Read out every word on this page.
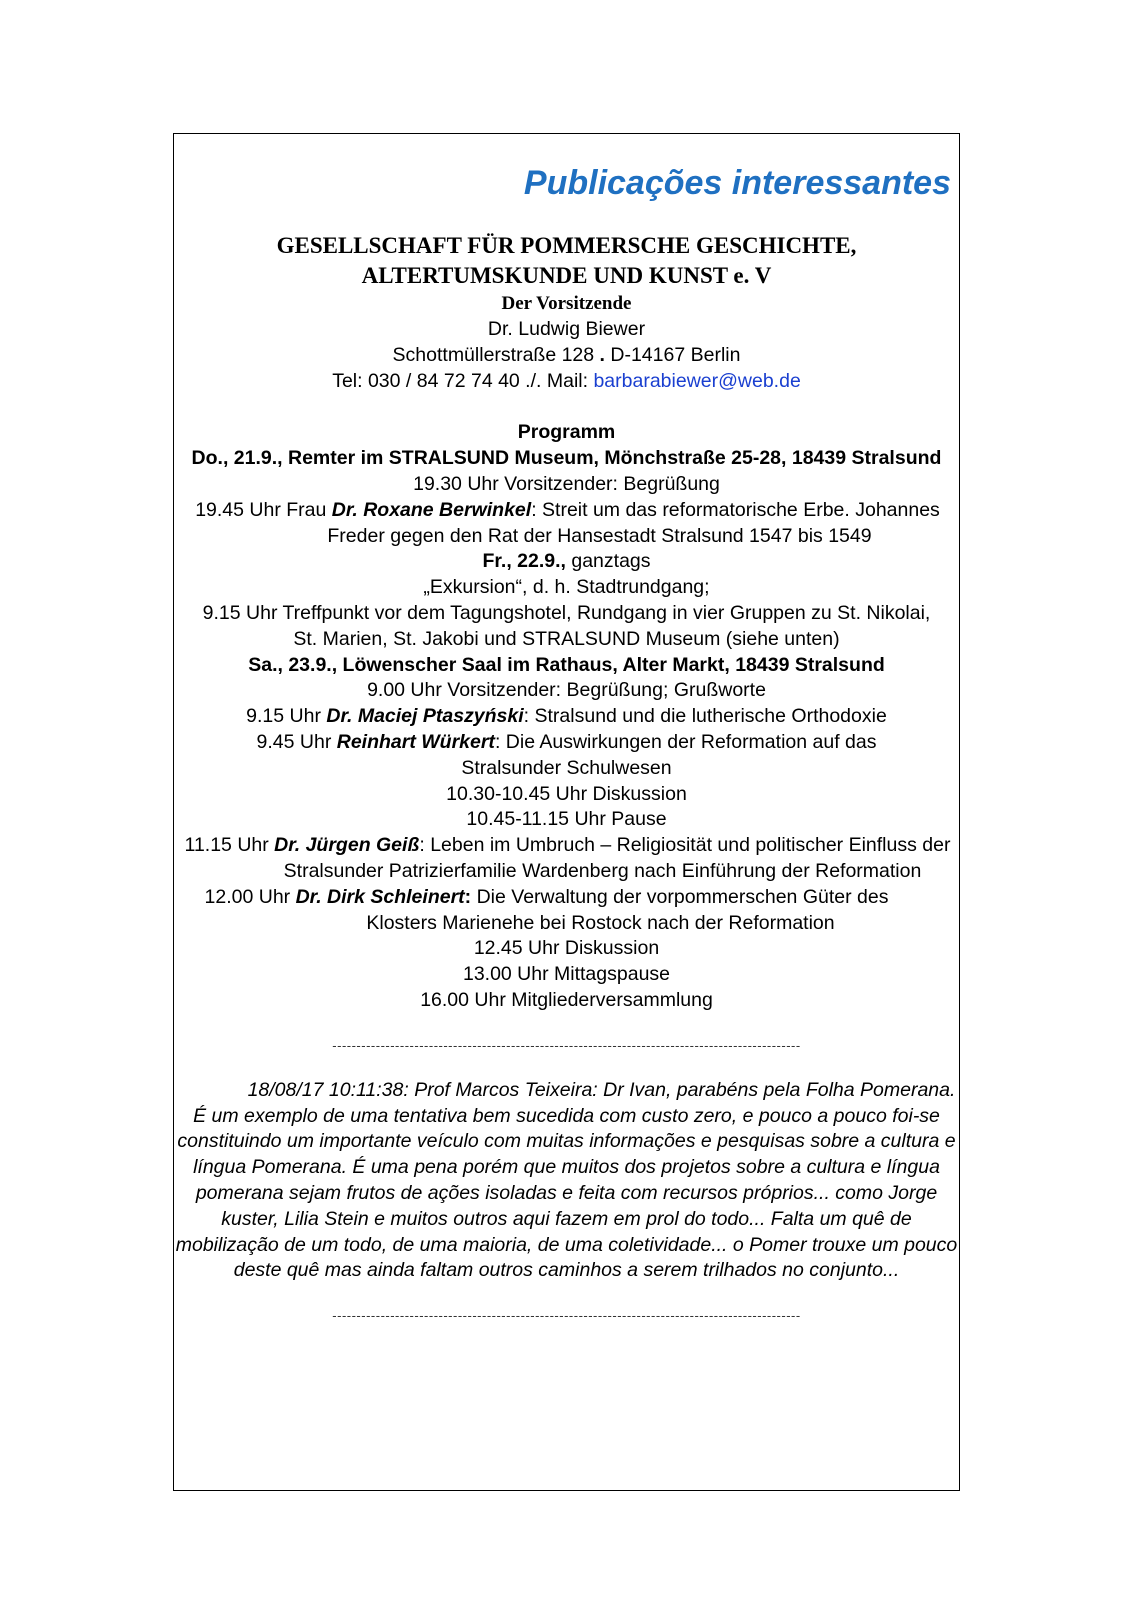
Publicações interessantes
GESELLSCHAFT FÜR POMMERSCHE GESCHICHTE,
ALTERTUMSKUNDE UND KUNST e. V
Der Vorsitzende
Dr. Ludwig Biewer
Schottmüllerstraße 128 . D-14167 Berlin
Tel: 030 / 84 72 74 40 ./. Mail: barbarabiewer@web.de
Programm
Do., 21.9., Remter im STRALSUND Museum, Mönchstraße 25-28, 18439 Stralsund
19.30 Uhr Vorsitzender: Begrüßung
19.45 Uhr Frau Dr. Roxane Berwinkel: Streit um das reformatorische Erbe. Johannes Freder gegen den Rat der Hansestadt Stralsund 1547 bis 1549
Fr., 22.9., ganztags
„Exkursion“, d. h. Stadtrundgang;
9.15 Uhr Treffpunkt vor dem Tagungshotel, Rundgang in vier Gruppen zu St. Nikolai,
St. Marien, St. Jakobi und STRALSUND Museum (siehe unten)
Sa., 23.9., Löwenscher Saal im Rathaus, Alter Markt, 18439 Stralsund
9.00 Uhr Vorsitzender: Begrüßung; Grußworte
9.15 Uhr Dr. Maciej Ptaszyński: Stralsund und die lutherische Orthodoxie
9.45 Uhr Reinhart Würkert: Die Auswirkungen der Reformation auf das Stralsunder Schulwesen
10.30-10.45 Uhr Diskussion
10.45-11.15 Uhr Pause
11.15 Uhr Dr. Jürgen Geiß: Leben im Umbruch – Religiosität und politischer Einfluss der Stralsunder Patrizierfamilie Wardenberg nach Einführung der Reformation
12.00 Uhr Dr. Dirk Schleinert: Die Verwaltung der vorpommerschen Güter des Klosters Marienehe bei Rostock nach der Reformation
12.45 Uhr Diskussion
13.00 Uhr Mittagspause
16.00 Uhr Mitgliederversammlung
-------------------------------------------------------------------------------------------------
18/08/17 10:11:38: Prof Marcos Teixeira: Dr Ivan, parabéns pela Folha Pomerana.
É um exemplo de uma tentativa bem sucedida com custo zero, e pouco a pouco foi-se constituindo um importante veículo com muitas informações e pesquisas sobre a cultura e língua Pomerana. É uma pena porém que muitos dos projetos sobre a cultura e língua pomerana sejam frutos de ações isoladas e feita com recursos próprios... como Jorge kuster, Lilia Stein e muitos outros aqui fazem em prol do todo... Falta um quê de mobilização de um todo, de uma maioria, de uma coletividade... o Pomer trouxe um pouco deste quê mas ainda faltam outros caminhos a serem trilhados no conjunto...
-------------------------------------------------------------------------------------------------
